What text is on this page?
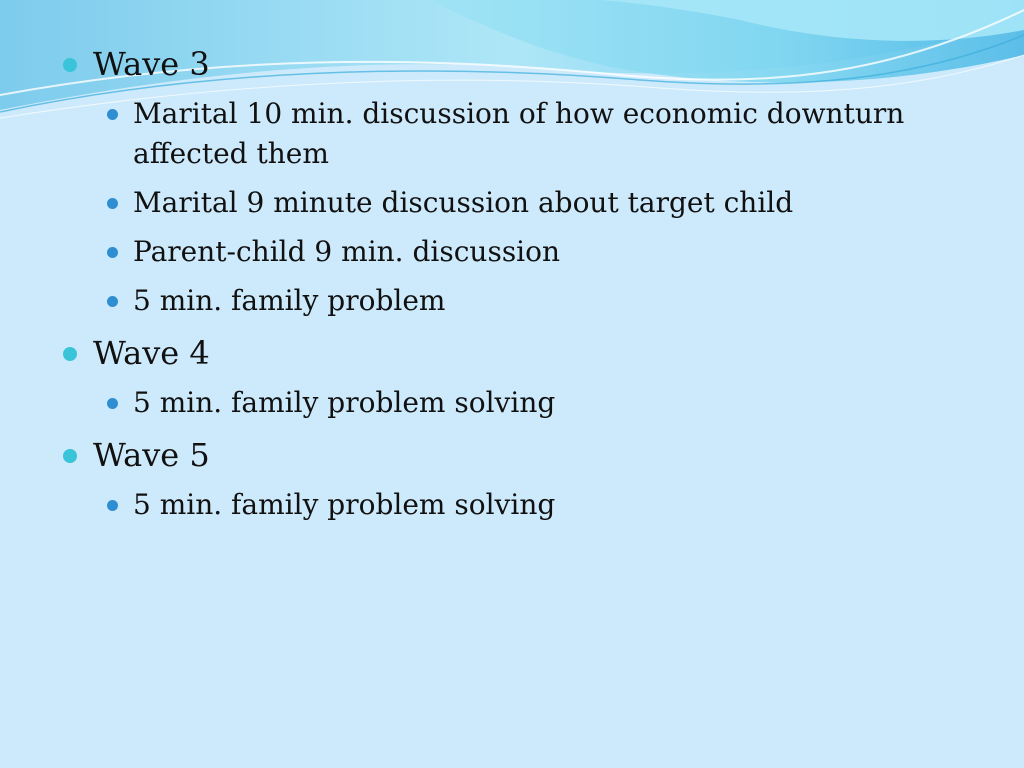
Wave 3
Marital 10 min. discussion of how economic downturn affected them
Marital 9 minute discussion about target child
Parent-child 9 min. discussion
5 min. family problem
Wave 4
5 min. family problem solving
Wave 5
5 min. family problem solving
